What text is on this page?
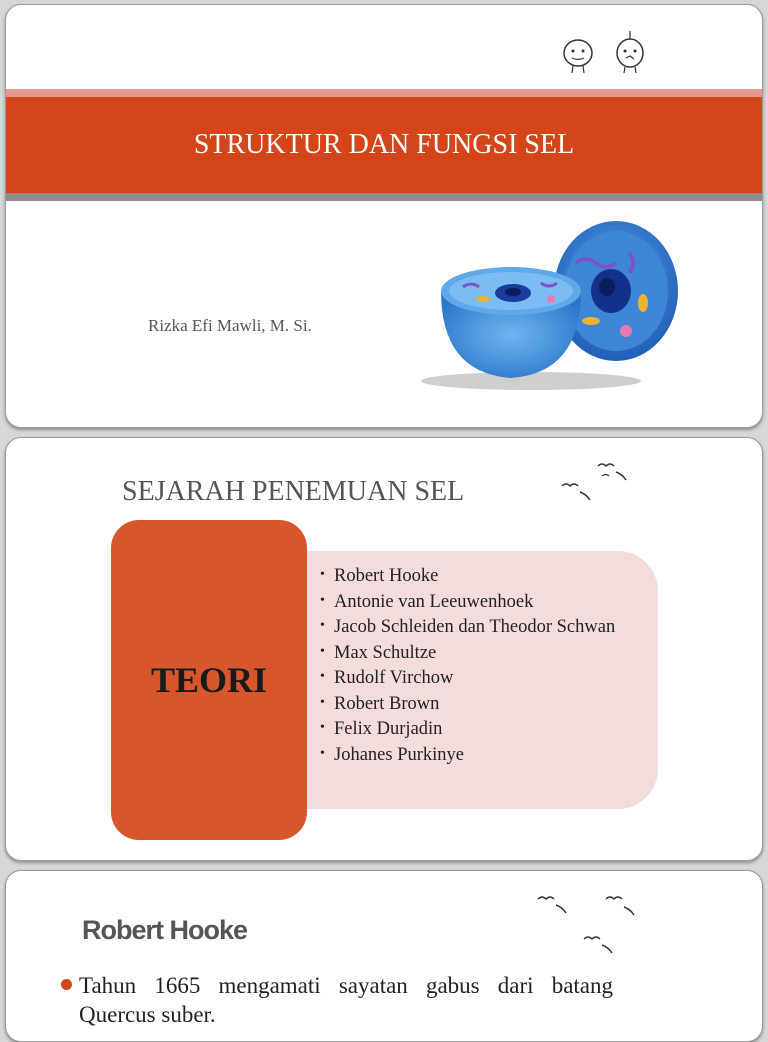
STRUKTUR DAN FUNGSI SEL
Rizka Efi Mawli, M. Si.
SEJARAH PENEMUAN SEL
• Robert Hooke
• Antonie van Leeuwenhoek
• Jacob Schleiden dan Theodor Schwan
• Max Schultze
• Rudolf Virchow
• Robert Brown
• Felix Durjadin
• Johanes Purkinye
TEORI
Robert Hooke
Tahun 1665 mengamati sayatan gabus dari batang Quercus suber.
